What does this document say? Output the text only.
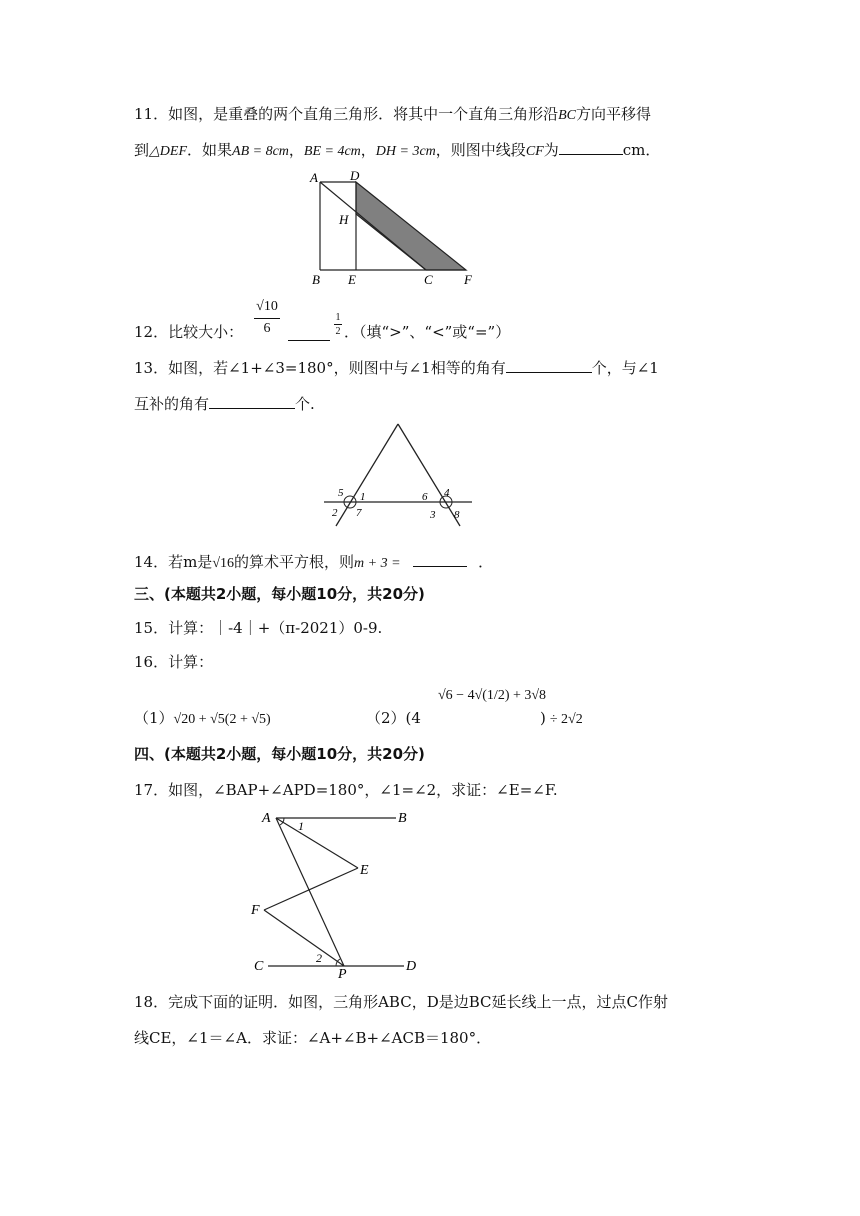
11．如图，是重叠的两个直角三角形．将其中一个直角三角形沿BC方向平移得
到△DEF．如果AB = 8cm，BE = 4cm，DH = 3cm，则图中线段CF为	cm．
A D
H
B E	C F
12．比较大小：
√10
6
1
2 ．（填“>”、“<”或“=”）
13．如图，若∠1+∠3=180°，则图中与∠1相等的角有	个，与∠1
互补的角有	个.
5 1	6 4
2 7	3 8
14．若m是√16的算术平方根，则m + 3 =	．
三、(本题共2小题，每小题10分，共20分)
15．计算：｜-4｜+（π-2021）0-9.
16．计算：
（1）√20 + √5(2 + √5)	（2）(4
√6 − 4√(1/2) + 3√8
) ÷ 2√2
四、(本题共2小题，每小题10分，共20分)
17．如图，∠BAP+∠APD=180°，∠1=∠2，求证：∠E=∠F.
A 1	B
E
F
C
2
P
D
18．完成下面的证明．如图，三角形ABC，D是边BC延长线上一点，过点C作射
线CE，∠1＝∠A．求证：∠A+∠B+∠ACB＝180°．
